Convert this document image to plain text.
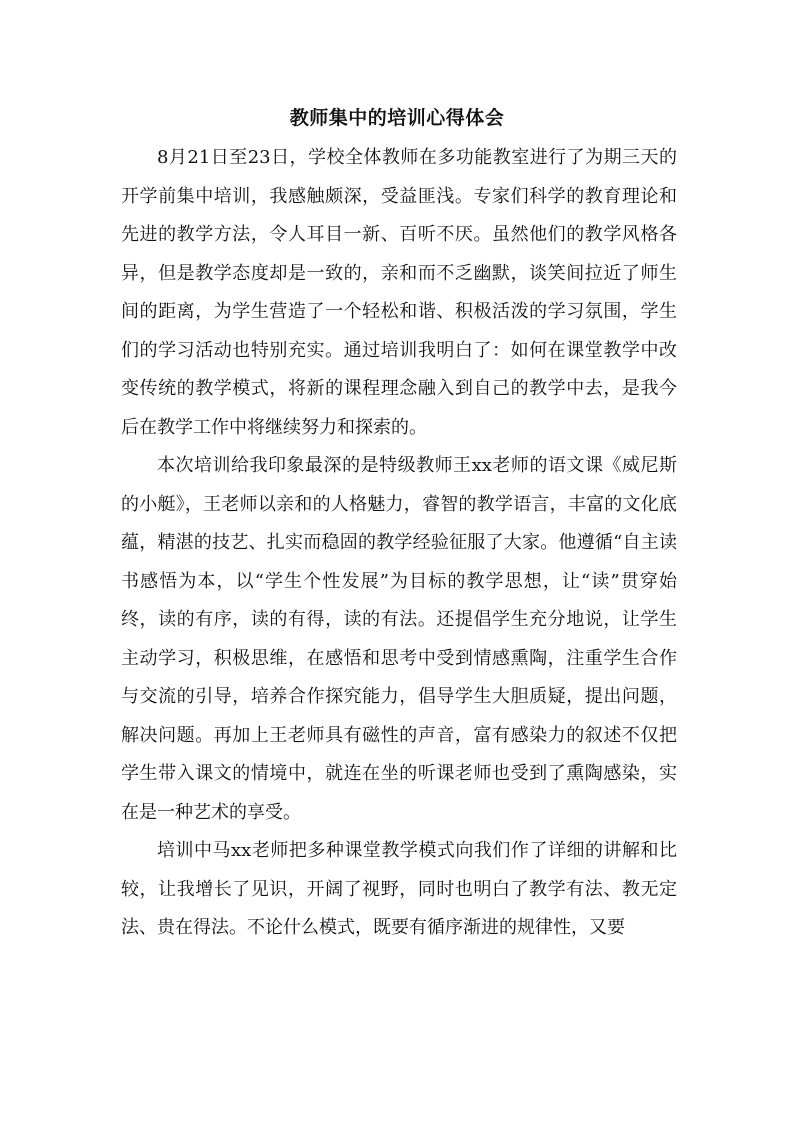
教师集中的培训心得体会

8月21日至23日，学校全体教师在多功能教室进行了为期三天的开学前集中培训，我感触颇深，受益匪浅。专家们科学的教育理论和先进的教学方法，令人耳目一新、百听不厌。虽然他们的教学风格各异，但是教学态度却是一致的，亲和而不乏幽默，谈笑间拉近了师生间的距离，为学生营造了一个轻松和谐、积极活泼的学习氛围，学生们的学习活动也特别充实。通过培训我明白了：如何在课堂教学中改变传统的教学模式，将新的课程理念融入到自己的教学中去，是我今后在教学工作中将继续努力和探索的。

本次培训给我印象最深的是特级教师王xx老师的语文课《威尼斯的小艇》，王老师以亲和的人格魅力，睿智的教学语言，丰富的文化底蕴，精湛的技艺、扎实而稳固的教学经验征服了大家。他遵循“自主读书感悟为本，以“学生个性发展”为目标的教学思想，让“读”贯穿始终，读的有序，读的有得，读的有法。还提倡学生充分地说，让学生主动学习，积极思维，在感悟和思考中受到情感熏陶，注重学生合作与交流的引导，培养合作探究能力，倡导学生大胆质疑，提出问题，解决问题。再加上王老师具有磁性的声音，富有感染力的叙述不仅把学生带入课文的情境中，就连在坐的听课老师也受到了熏陶感染，实在是一种艺术的享受。

培训中马xx老师把多种课堂教学模式向我们作了详细的讲解和比较，让我增长了见识，开阔了视野，同时也明白了教学有法、教无定法、贵在得法。不论什么模式，既要有循序渐进的规律性，又要
